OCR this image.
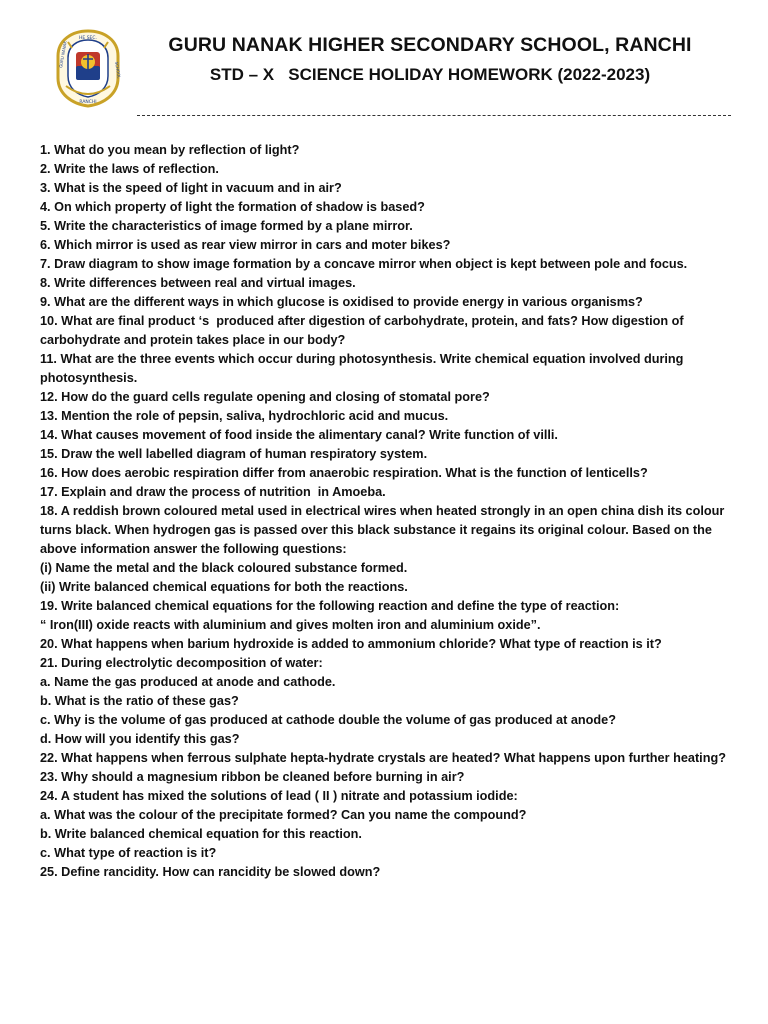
HE SEC.
GURU NANAK
SCHOOL
RANCHI
GURU NANAK HIGHER SECONDARY SCHOOL, RANCHI
STD – X   SCIENCE HOLIDAY HOMEWORK (2022-2023)
1. What do you mean by reflection of light?
2. Write the laws of reflection.
3. What is the speed of light in vacuum and in air?
4. On which property of light the formation of shadow is based?
5. Write the characteristics of image formed by a plane mirror.
6. Which mirror is used as rear view mirror in cars and moter bikes?
7. Draw diagram to show image formation by a concave mirror when object is kept between pole and focus.
8. Write differences between real and virtual images.
9. What are the different ways in which glucose is oxidised to provide energy in various organisms?
10. What are final product ‘s  produced after digestion of carbohydrate, protein, and fats? How digestion of carbohydrate and protein takes place in our body?
11. What are the three events which occur during photosynthesis. Write chemical equation involved during photosynthesis.
12. How do the guard cells regulate opening and closing of stomatal pore?
13. Mention the role of pepsin, saliva, hydrochloric acid and mucus.
14. What causes movement of food inside the alimentary canal? Write function of villi.
15. Draw the well labelled diagram of human respiratory system.
16. How does aerobic respiration differ from anaerobic respiration. What is the function of lenticells?
17. Explain and draw the process of nutrition  in Amoeba.
18. A reddish brown coloured metal used in electrical wires when heated strongly in an open china dish its colour turns black. When hydrogen gas is passed over this black substance it regains its original colour. Based on the above information answer the following questions:
(i) Name the metal and the black coloured substance formed.
(ii) Write balanced chemical equations for both the reactions.
19. Write balanced chemical equations for the following reaction and define the type of reaction:
“ Iron(III) oxide reacts with aluminium and gives molten iron and aluminium oxide”.
20. What happens when barium hydroxide is added to ammonium chloride? What type of reaction is it?
21. During electrolytic decomposition of water:
a. Name the gas produced at anode and cathode.
b. What is the ratio of these gas?
c. Why is the volume of gas produced at cathode double the volume of gas produced at anode?
d. How will you identify this gas?
22. What happens when ferrous sulphate hepta-hydrate crystals are heated? What happens upon further heating?
23. Why should a magnesium ribbon be cleaned before burning in air?
24. A student has mixed the solutions of lead ( II ) nitrate and potassium iodide:
a. What was the colour of the precipitate formed? Can you name the compound?
b. Write balanced chemical equation for this reaction.
c. What type of reaction is it?
25. Define rancidity. How can rancidity be slowed down?
